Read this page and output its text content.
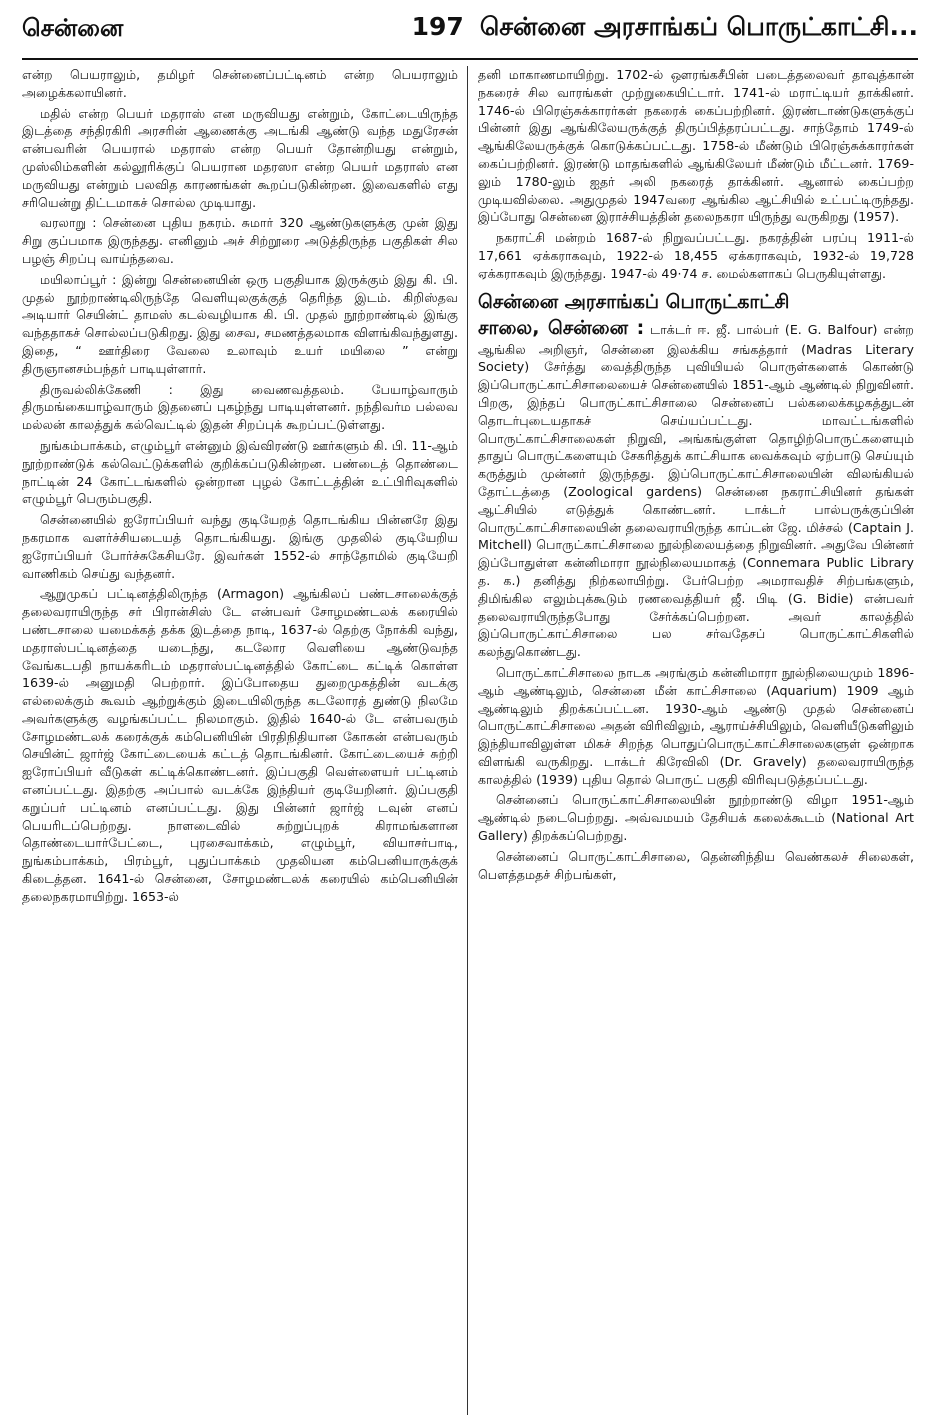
சென்னை	197 சென்னை அரசாங்கப் பொருட்காட்சி...

என்ற பெயராலும், தமிழர் சென்னைப்பட்டினம் என்ற பெயராலும் அழைக்கலாயினர்.

மதில் என்ற பெயர் மதராஸ் என மருவியது என்றும், கோட்டையிருந்த இடத்தை சந்திரகிரி அரசரின் ஆணைக்கு அடங்கி ஆண்டு வந்த மதுரேசன் என்பவரின் பெயரால் மதராஸ் என்ற பெயர் தோன்றியது என்றும், முஸ்லிம்களின் கல்லூரிக்குப் பெயரான மதரஸா என்ற பெயர் மதராஸ் என மருவியது என்றும் பலவித காரணங்கள் கூறப்படுகின்றன. இவைகளில் எது சரியென்று திட்டமாகச் சொல்ல முடியாது.

வரலாறு : சென்னை புதிய நகரம். சுமார் 320 ஆண்டுகளுக்கு முன் இது சிறு குப்பமாக இருந்தது. எனினும் அச் சிற்றூரை அடுத்திருந்த பகுதிகள் சில பழஞ் சிறப்பு வாய்ந்தவை.

மயிலாப்பூர் : இன்று சென்னையின் ஒரு பகுதியாக இருக்கும் இது கி. பி. முதல் நூற்றாண்டிலிருந்தே வெளியுலகுக்குத் தெரிந்த இடம். கிறிஸ்தவ அடியார் செயின்ட் தாமஸ் கடல்வழியாக கி. பி. முதல் நூற்றாண்டில் இங்கு வந்ததாகச் சொல்லப்படுகிறது. இது சைவ, சமணத்தலமாக விளங்கிவந்துளது. இதை, “ ஊர்திரை வேலை உலாவும் உயர் மயிலை ” என்று திருஞானசம்பந்தர் பாடியுள்ளார்.

திருவல்லிக்கேணி : இது வைணவத்தலம். பேயாழ்வாரும் திருமங்கையாழ்வாரும் இதனைப் புகழ்ந்து பாடியுள்ளனர். நந்திவர்ம பல்லவ மல்லன் காலத்துக் கல்வெட்டில் இதன் சிறப்புக் கூறப்பட்டுள்ளது.

நுங்கம்பாக்கம், எழும்பூர் என்னும் இவ்விரண்டு ஊர்களும் கி. பி. 11-ஆம் நூற்றாண்டுக் கல்வெட்டுக்களில் குறிக்கப்படுகின்றன. பண்டைத் தொண்டை நாட்டின் 24 கோட்டங்களில் ஒன்றான புழல் கோட்டத்தின் உட்பிரிவுகளில் எழும்பூர் பெரும்பகுதி.

சென்னையில் ஐரோப்பியர் வந்து குடியேறத் தொடங்கிய பின்னரே இது நகரமாக வளர்ச்சியடையத் தொடங்கியது. இங்கு முதலில் குடியேறிய ஐரோப்பியர் போர்ச்சுகேசியரே. இவர்கள் 1552-ல் சாந்தோமில் குடியேறி வாணிகம் செய்து வந்தனர்.

ஆறுமுகப் பட்டினத்திலிருந்த (Armagon) ஆங்கிலப் பண்டசாலைக்குத் தலைவராயிருந்த சர் பிரான்சிஸ் டே என்பவர் சோழமண்டலக் கரையில் பண்டசாலை யமைக்கத் தக்க இடத்தை நாடி, 1637-ல் தெற்கு நோக்கி வந்து, மதராஸ்பட்டினத்தை யடைந்து, கடலோர வெளியை ஆண்டுவந்த வேங்கடபதி நாயக்கரிடம் மதராஸ்பட்டினத்தில் கோட்டை கட்டிக் கொள்ள 1639-ல் அனுமதி பெற்றார். இப்போதைய துறைமுகத்தின் வடக்கு எல்லைக்கும் கூவம் ஆற்றுக்கும் இடையிலிருந்த கடலோரத் துண்டு நிலமே அவர்களுக்கு வழங்கப்பட்ட நிலமாகும். இதில் 1640-ல் டே என்பவரும் சோழமண்டலக் கரைக்குக் கம்பெனியின் பிரதிநிதியான கோகன் என்பவரும் செயின்ட் ஜார்ஜ் கோட்டையைக் கட்டத் தொடங்கினர். கோட்டையைச் சுற்றி ஐரோப்பியர் வீடுகள் கட்டிக்கொண்டனர். இப்பகுதி வெள்ளையர் பட்டினம் எனப்பட்டது. இதற்கு அப்பால் வடக்கே இந்தியர் குடியேறினர். இப்பகுதி கறுப்பர் பட்டினம் எனப்பட்டது. இது பின்னர் ஜார்ஜ் டவுன் எனப் பெயரிடப்பெற்றது. நாளடைவில் சுற்றுப்புறக் கிராமங்களான தொண்டையார்பேட்டை, புரசைவாக்கம், எழும்பூர், வியாசர்பாடி, நுங்கம்பாக்கம், பிரம்பூர், புதுப்பாக்கம் முதலியன கம்பெனியாருக்குக் கிடைத்தன. 1641-ல் சென்னை, சோழமண்டலக் கரையில் கம்பெனியின் தலைநகரமாயிற்று. 1653-ல்

தனி மாகாணமாயிற்று. 1702-ல் ஔரங்கசீபின் படைத்தலைவர் தாவுத்கான் நகரைச் சில வாரங்கள் முற்றுகையிட்டார். 1741-ல் மராட்டியர் தாக்கினர். 1746-ல் பிரெஞ்சுக்காரர்கள் நகரைக் கைப்பற்றினர். இரண்டாண்டுகளுக்குப் பின்னர் இது ஆங்கிலேயருக்குத் திருப்பித்தரப்பட்டது. சாந்தோம் 1749-ல் ஆங்கிலேயருக்குக் கொடுக்கப்பட்டது. 1758-ல் மீண்டும் பிரெஞ்சுக்காரர்கள் கைப்பற்றினர். இரண்டு மாதங்களில் ஆங்கிலேயர் மீண்டும் மீட்டனர். 1769-லும் 1780-லும் ஐதர் அலி நகரைத் தாக்கினர். ஆனால் கைப்பற்ற முடியவில்லை. அதுமுதல் 1947வரை ஆங்கில ஆட்சியில் உட்பட்டிருந்தது. இப்போது சென்னை இராச்சியத்தின் தலைநகரா யிருந்து வருகிறது (1957).

நகராட்சி மன்றம் 1687-ல் நிறுவப்பட்டது. நகரத்தின் பரப்பு 1911-ல் 17,661 ஏக்கராகவும், 1922-ல் 18,455 ஏக்கராகவும், 1932-ல் 19,728 ஏக்கராகவும் இருந்தது. 1947-ல் 49·74 ச. மைல்களாகப் பெருகியுள்ளது.

சென்னை அரசாங்கப் பொருட்காட்சி

சாலை, சென்னை : டாக்டர் ஈ. ஜீ. பால்பர் (E. G. Balfour) என்ற ஆங்கில அறிஞர், சென்னை இலக்கிய சங்கத்தார் (Madras Literary Society) சேர்த்து வைத்திருந்த புவியியல் பொருள்களைக் கொண்டு இப்பொருட்காட்சிசாலையைச் சென்னையில் 1851-ஆம் ஆண்டில் நிறுவினர். பிறகு, இந்தப் பொருட்காட்சிசாலை சென்னைப் பல்கலைக்கழகத்துடன் தொடர்புடையதாகச் செய்யப்பட்டது. மாவட்டங்களில் பொருட்காட்சிசாலைகள் நிறுவி, அங்கங்குள்ள தொழிற்பொருட்களையும் தாதுப் பொருட்களையும் சேகரித்துக் காட்சியாக வைக்கவும் ஏற்பாடு செய்யும் கருத்தும் முன்னர் இருந்தது. இப்பொருட்காட்சிசாலையின் விலங்கியல் தோட்டத்தை (Zoological gardens) சென்னை நகராட்சியினர் தங்கள் ஆட்சியில் எடுத்துக் கொண்டனர். டாக்டர் பால்பருக்குப்பின் பொருட்காட்சிசாலையின் தலைவராயிருந்த காப்டன் ஜே. மிச்சல் (Captain J. Mitchell) பொருட்காட்சிசாலை நூல்நிலையத்தை நிறுவினர். அதுவே பின்னர் இப்போதுள்ள கன்னிமாரா நூல்நிலையமாகத் (Connemara Public Library த. க.) தனித்து நிற்கலாயிற்று. பேர்பெற்ற அமராவதிச் சிற்பங்களும், திமிங்கில எலும்புக்கூடும் ரணவைத்தியர் ஜீ. பிடி (G. Bidie) என்பவர் தலைவராயிருந்தபோது சேர்க்கப்பெற்றன. அவர் காலத்தில் இப்பொருட்காட்சிசாலை பல சர்வதேசப் பொருட்காட்சிகளில் கலந்துகொண்டது.

பொருட்காட்சிசாலை நாடக அரங்கும் கன்னிமாரா நூல்நிலையமும் 1896-ஆம் ஆண்டிலும், சென்னை மீன் காட்சிசாலை (Aquarium) 1909 ஆம் ஆண்டிலும் திறக்கப்பட்டன. 1930-ஆம் ஆண்டு முதல் சென்னைப் பொருட்காட்சிசாலை அதன் விரிவிலும், ஆராய்ச்சியிலும், வெளியீடுகளிலும் இந்தியாவிலுள்ள மிகச் சிறந்த பொதுப்பொருட்காட்சிசாலைகளுள் ஒன்றாக விளங்கி வருகிறது. டாக்டர் கிரேவிலி (Dr. Gravely) தலைவராயிருந்த காலத்தில் (1939) புதிய தொல் பொருட் பகுதி விரிவுபடுத்தப்பட்டது.

சென்னைப் பொருட்காட்சிசாலையின் நூற்றாண்டு விழா 1951-ஆம் ஆண்டில் நடைபெற்றது. அவ்வமயம் தேசியக் கலைக்கூடம் (National Art Gallery) திறக்கப்பெற்றது.

சென்னைப் பொருட்காட்சிசாலை, தென்னிந்திய வெண்கலச் சிலைகள், பௌத்தமதச் சிற்பங்கள்,
